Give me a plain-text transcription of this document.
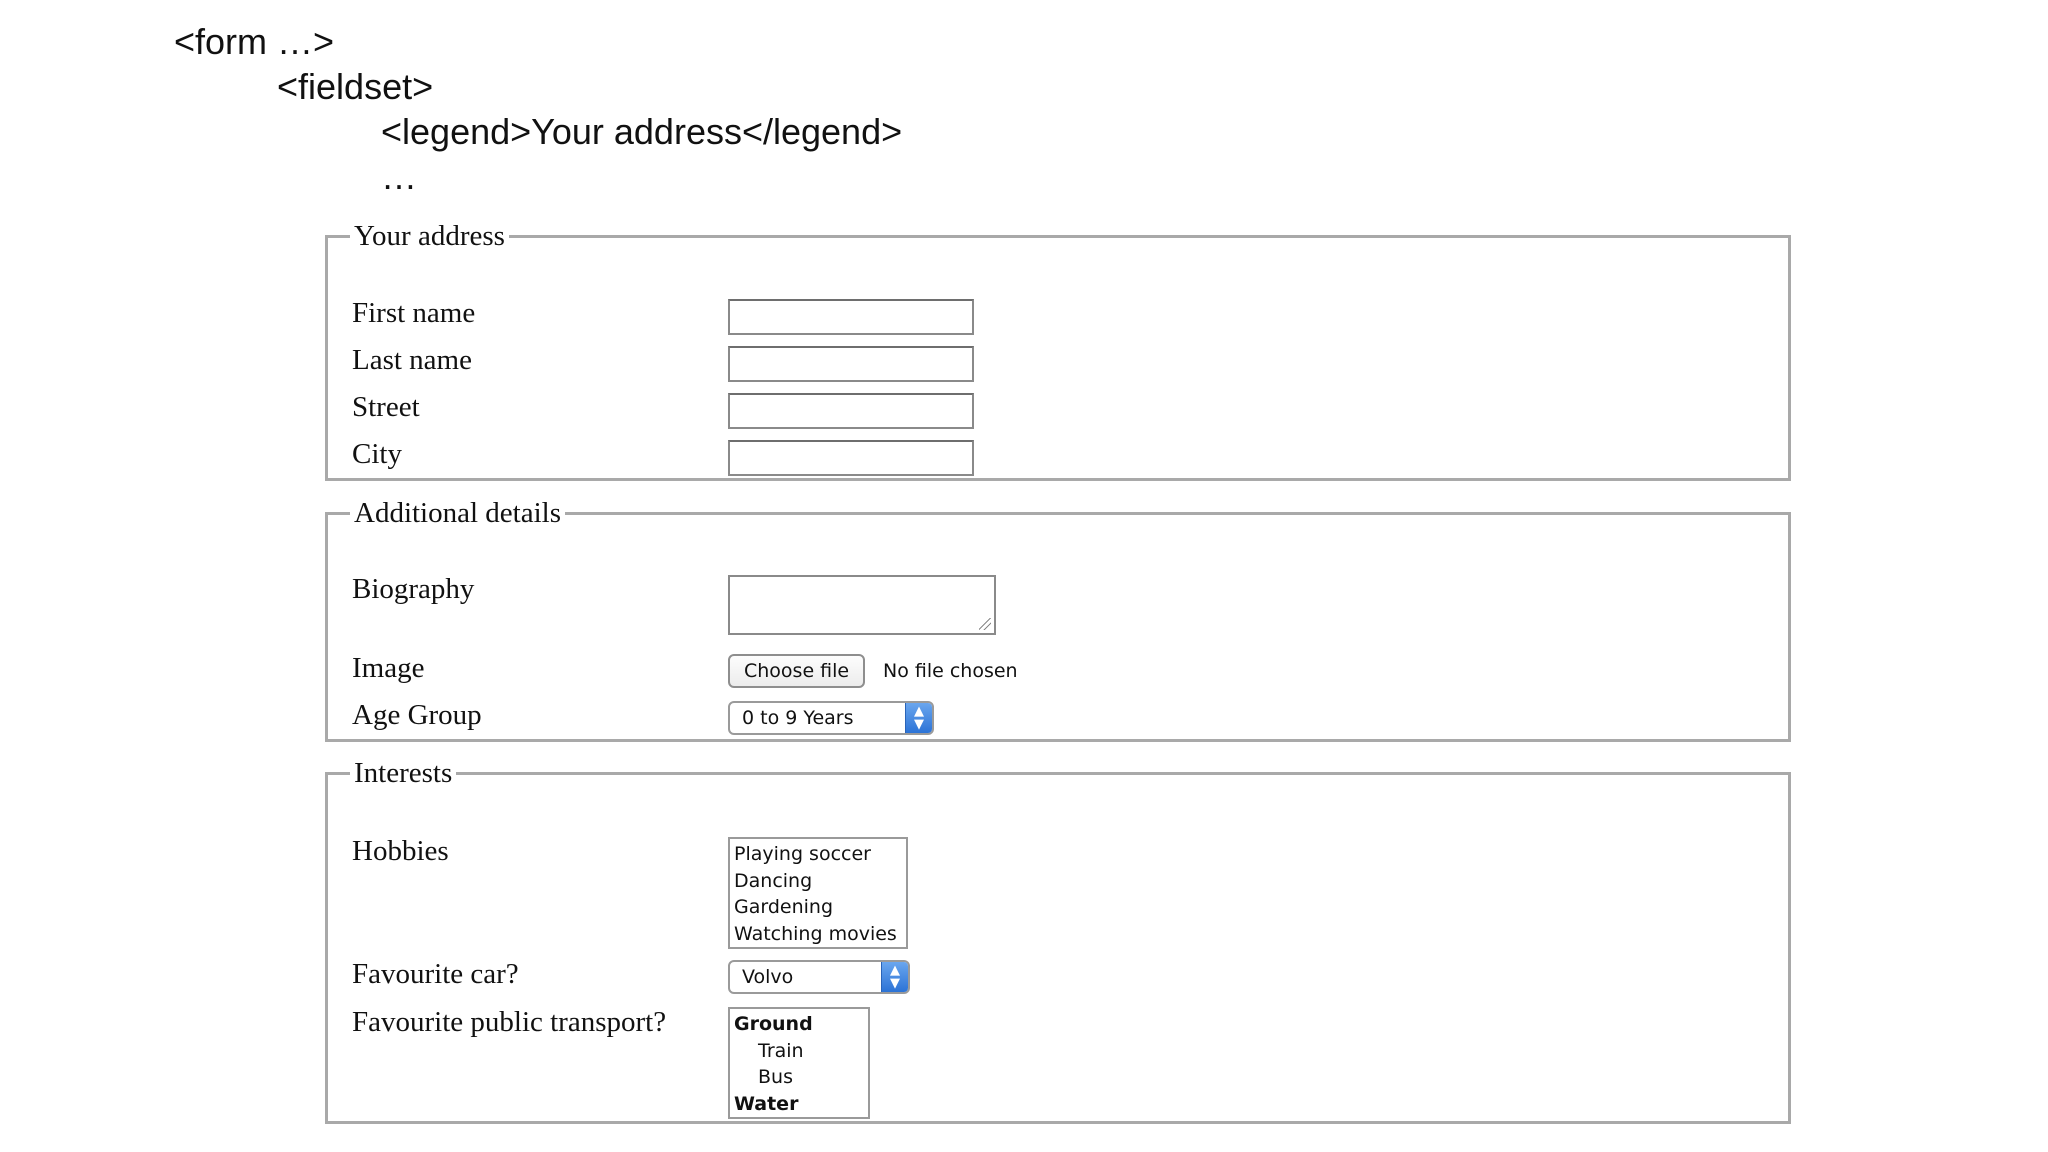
<form …>
<fieldset>
<legend>Your address</legend>
…
Your address
First name
Last name
Street
City
Additional details
Biography
Image	Choose file	No file chosen
Age Group	0 to 9 Years	▲
▼
Interests
Hobbies	Playing soccer
Dancing
Gardening
Watching movies
Favourite car?	Volvo	▲
▼
Favourite public transport?	Ground
Train
Bus
Water
